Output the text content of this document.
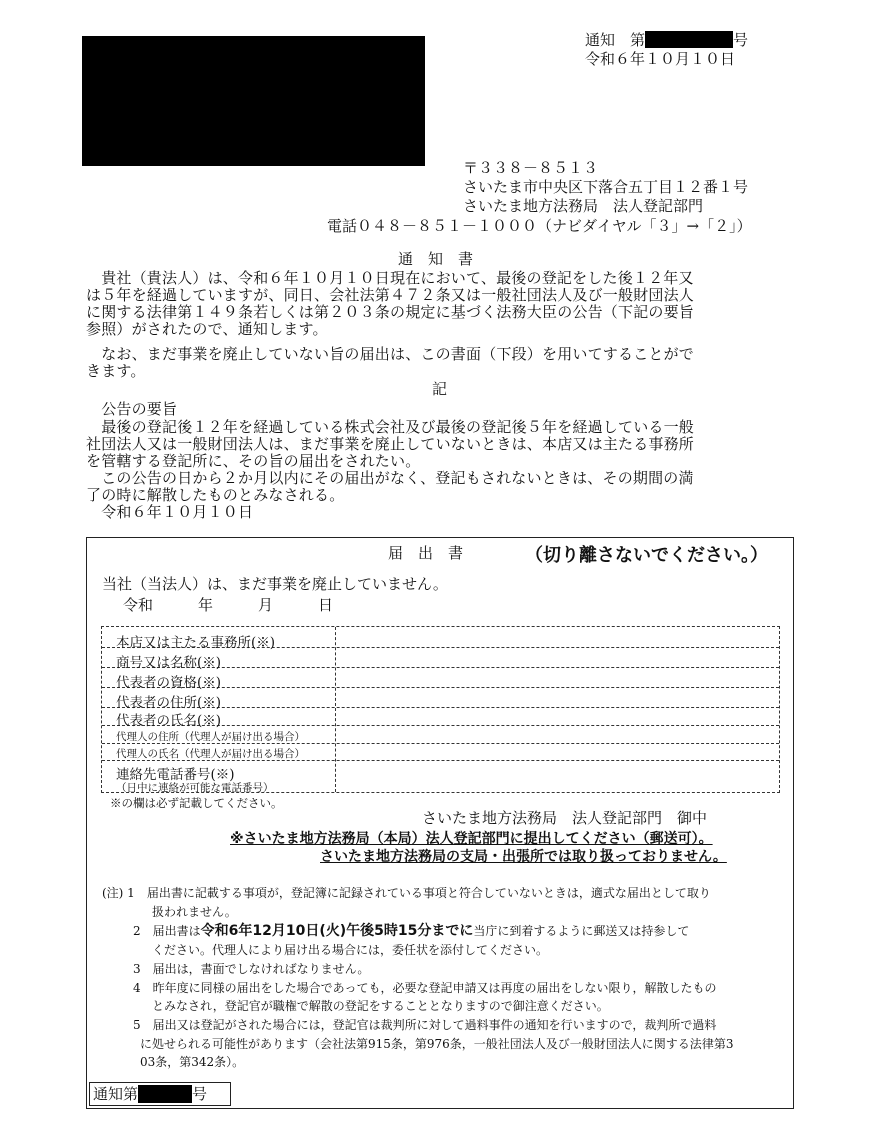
通知　第	号
令和６年１０月１０日
〒３３８－８５１３
さいたま市中央区下落合五丁目１２番１号
さいたま地方法務局　法人登記部門
電話０４８－８５１－１０００（ナビダイヤル「３」→「２」）
通　知　書
　貴社（貴法人）は、令和６年１０月１０日現在において、最後の登記をした後１２年又
は５年を経過していますが、同日、会社法第４７２条又は一般社団法人及び一般財団法人
に関する法律第１４９条若しくは第２０３条の規定に基づく法務大臣の公告（下記の要旨
参照）がされたので、通知します。
　なお、まだ事業を廃止していない旨の届出は、この書面（下段）を用いてすることがで
きます。
記
　公告の要旨
　最後の登記後１２年を経過している株式会社及び最後の登記後５年を経過している一般
社団法人又は一般財団法人は、まだ事業を廃止していないときは、本店又は主たる事務所
を管轄する登記所に、その旨の届出をされたい。
　この公告の日から２か月以内にその届出がなく、登記もされないときは、その期間の満
了の時に解散したものとみなされる。
　令和６年１０月１０日
届　出　書	（切り離さないでください。）
当社（当法人）は、まだ事業を廃止していません。
　令和　　　年　　　月　　　日
本店又は主たる事務所(※)
商号又は名称(※)
代表者の資格(※)
代表者の住所(※)
代表者の氏名(※)
代理人の住所（代理人が届け出る場合）
代理人の氏名（代理人が届け出る場合）
連絡先電話番号(※)
（日中に連絡が可能な電話番号）
※の欄は必ず記載してください。
さいたま地方法務局　法人登記部門　御中
※さいたま地方法務局（本局）法人登記部門に提出してください（郵送可）。
さいたま地方法務局の支局・出張所では取り扱っておりません。
(注) 1　 届出書に記載する事項が，登記簿に記録されている事項と符合していないときは，適式な届出として取り
扱われません。
2　 届出書は令和6年12月10日(火)午後5時15分までに当庁に到着するように郵送又は持参して
ください。代理人により届け出る場合には，委任状を添付してください。
3　 届出は，書面でしなければなりません。
4　 昨年度に同様の届出をした場合であっても，必要な登記申請又は再度の届出をしない限り，解散したもの
とみなされ，登記官が職権で解散の登記をすることとなりますので御注意ください。
5　 届出又は登記がされた場合には，登記官は裁判所に対して過料事件の通知を行いますので，裁判所で過料
に処せられる可能性があります（会社法第915条，第976条，一般社団法人及び一般財団法人に関する法律第3
03条，第342条）。
通知第	号
